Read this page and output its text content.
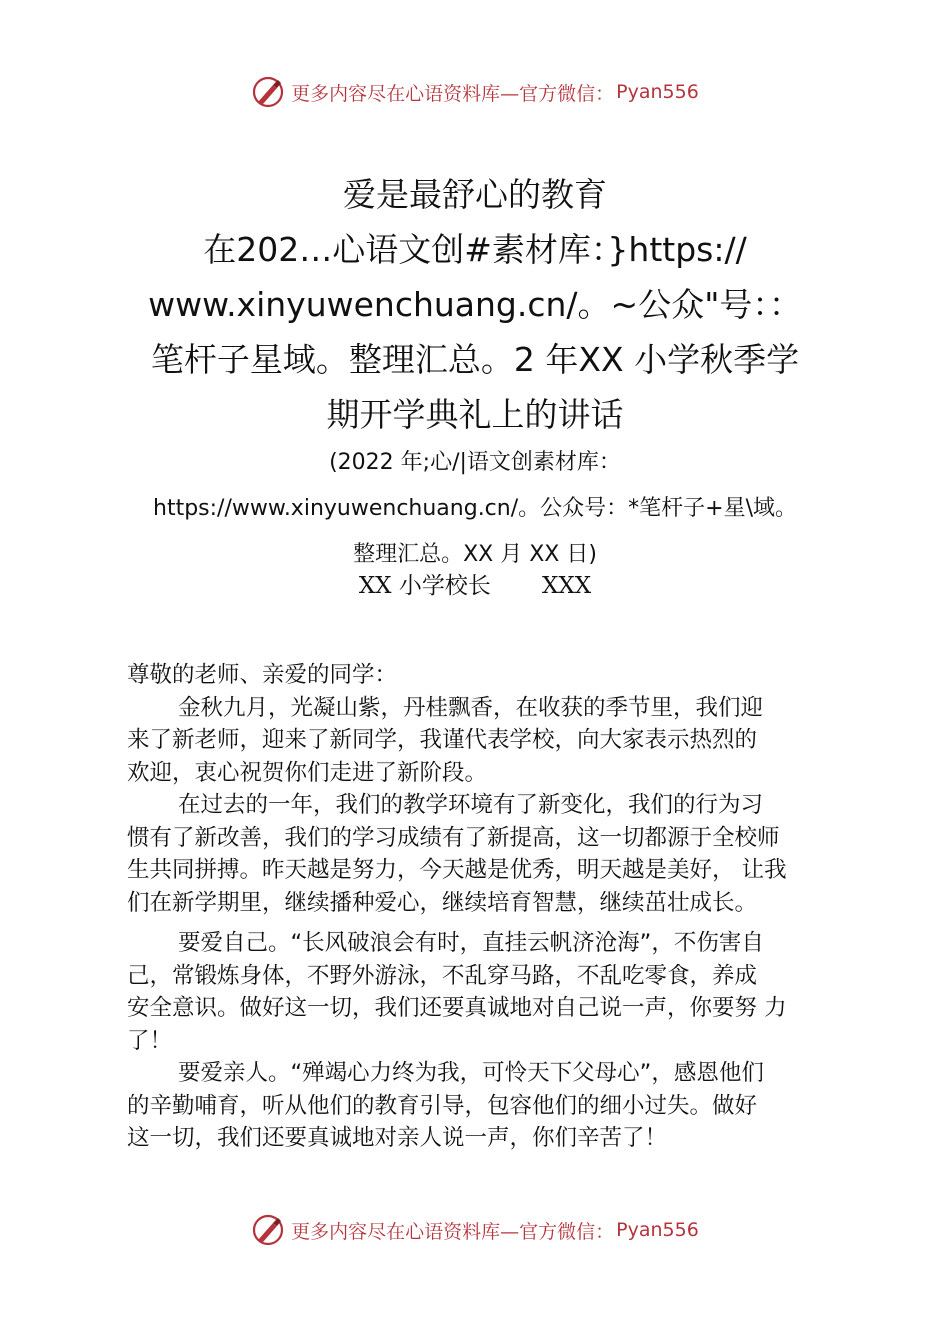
更多内容尽在心语资料库—官方微信： Pyan556
爱是最舒心的教育
在202…心语文创#素材库：}https://
www.xinyuwenchuang.cn/。~公众"号：：
笔杆子星域。整理汇总。2 年XX 小学秋季学
期开学典礼上的讲话
(2022 年;心/|语文创素材库：
https://www.xinyuwenchuang.cn/。公众号：*笔杆子+星\域。
整理汇总。XX 月 XX 日)
XX 小学校长       XXX
尊敬的老师、亲爱的同学：
金秋九月，光凝山紫，丹桂飘香，在收获的季节里，我们迎
来了新老师，迎来了新同学，我谨代表学校，向大家表示热烈的
欢迎，衷心祝贺你们走进了新阶段。
在过去的一年，我们的教学环境有了新变化，我们的行为习
惯有了新改善，我们的学习成绩有了新提高，这一切都源于全校师
生共同拼搏。昨天越是努力，今天越是优秀，明天越是美好， 让我
们在新学期里，继续播种爱心，继续培育智慧，继续茁壮成长。
要爱自己。“长风破浪会有时，直挂云帆济沧海”，不伤害自
己，常锻炼身体，不野外游泳，不乱穿马路，不乱吃零食，养成
安全意识。做好这一切，我们还要真诚地对自己说一声，你要努 力
了！
要爱亲人。“殚竭心力终为我，可怜天下父母心”，感恩他们
的辛勤哺育，听从他们的教育引导，包容他们的细小过失。做好
这一切，我们还要真诚地对亲人说一声，你们辛苦了！
更多内容尽在心语资料库—官方微信： Pyan556
